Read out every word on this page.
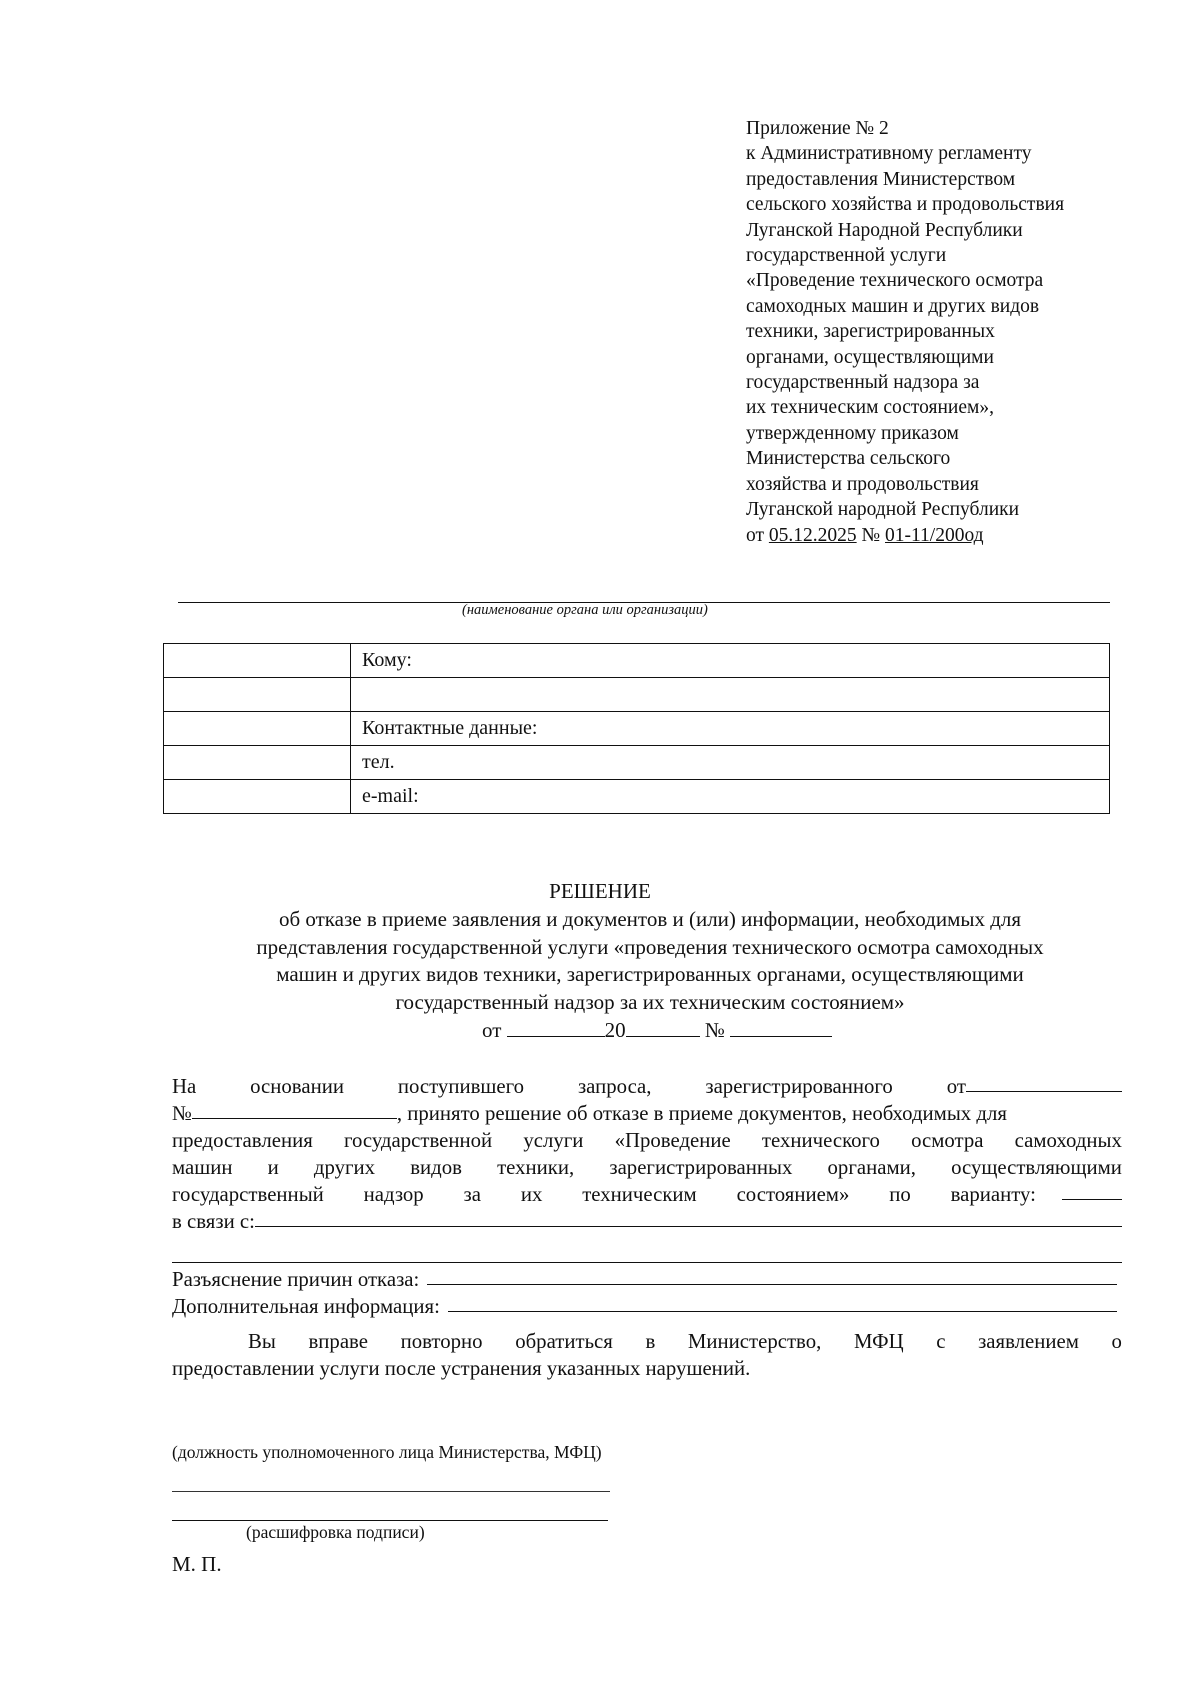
Приложение № 2
к Административному регламенту
предоставления Министерством
сельского хозяйства и продовольствия
Луганской Народной Республики
государственной услуги
«Проведение технического осмотра
самоходных машин и других видов
техники, зарегистрированных
органами, осуществляющими
государственный надзора за
их техническим состоянием»,
утвержденному приказом
Министерства сельского
хозяйства и продовольствия
Луганской народной Республики
от 05.12.2025 № 01-11/200од
(наименование органа или организации)
	Кому:

	Контактные данные:
	тел.
	e-mail:
РЕШЕНИЕ
об отказе в приеме заявления и документов и (или) информации, необходимых для
представления государственной услуги «проведения технического осмотра самоходных
машин и других видов техники, зарегистрированных органами, осуществляющими
государственный надзор за их техническим состоянием»
от	20	№
На	основании	поступившего	запроса,	зарегистрированного	от
№	, принято решение об отказе в приеме документов, необходимых для
предоставления государственной услуги «Проведение технического осмотра самоходных
машин и других видов техники, зарегистрированных органами, осуществляющими
государственный надзор за их техническим состоянием» по варианту:
в связи с:
Разъяснение причин отказа:
Дополнительная информация:
Вы вправе повторно обратиться в Министерство, МФЦ с заявлением о
предоставлении услуги после устранения указанных нарушений.
(должность уполномоченного лица Министерства, МФЦ)
(расшифровка подписи)
М. П.
